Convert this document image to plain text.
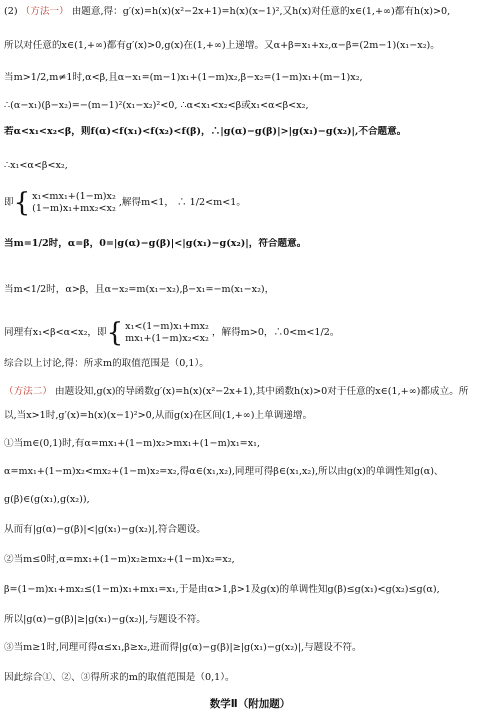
(2) （方法一） 由题意,得：g′(x)=h(x)(x²−2x+1)=h(x)(x−1)²,又h(x)对任意的x∈(1,+∞)都有h(x)>0,
所以对任意的x∈(1,+∞)都有g′(x)>0,g(x)在(1,+∞)上递增。又α+β=x₁+x₂,α−β=(2m−1)(x₁−x₂)。
当m>1/2,m≠1时,α<β,且α−x₁=(m−1)x₁+(1−m)x₂,β−x₂=(1−m)x₁+(m−1)x₂,
∴(α−x₁)(β−x₂)=−(m−1)²(x₁−x₂)²<0, ∴α<x₁<x₂<β或x₁<α<β<x₂,
若α<x₁<x₂<β，则f(α)<f(x₁)<f(x₂)<f(β)，∴|g(α)−g(β)|>|g(x₁)−g(x₂)|,不合题意。
∴x₁<α<β<x₂,
即{ x₁<mx₁+(1−m)x₂
(1−m)x₁+mx₂<x₂ ,解得m<1， ∴ 1/2<m<1。
当m=1/2时，α=β，0=|g(α)−g(β)|<|g(x₁)−g(x₂)|，符合题意。
当m<1/2时，α>β，且α−x₂=m(x₁−x₂),β−x₁=−m(x₁−x₂)，
同理有x₁<β<α<x₂，即{ x₁<(1−m)x₁+mx₂
mx₁+(1−m)x₂<x₂ ，解得m>0，∴0<m<1/2。
综合以上讨论,得：所求m的取值范围是（0,1）。
（方法二） 由题设知,g(x)的导函数g′(x)=h(x)(x²−2x+1),其中函数h(x)>0对于任意的x∈(1,+∞)都成立。所
以,当x>1时,g′(x)=h(x)(x−1)²>0,从而g(x)在区间(1,+∞)上单调递增。
①当m∈(0,1)时,有α=mx₁+(1−m)x₂>mx₁+(1−m)x₁=x₁,
α=mx₁+(1−m)x₂<mx₂+(1−m)x₂=x₂,得α∈(x₁,x₂),同理可得β∈(x₁,x₂),所以由g(x)的单调性知g(α)、
g(β)∈(g(x₁),g(x₂)),
从而有|g(α)−g(β)|<|g(x₁)−g(x₂)|,符合题设。
②当m≤0时,α=mx₁+(1−m)x₂≥mx₂+(1−m)x₂=x₂,
β=(1−m)x₁+mx₂≤(1−m)x₁+mx₁=x₁,于是由α>1,β>1及g(x)的单调性知g(β)≤g(x₁)<g(x₂)≤g(α),
所以|g(α)−g(β)|≥|g(x₁)−g(x₂)|,与题设不符。
③当m≥1时,同理可得α≤x₁,β≥x₂,进而得|g(α)−g(β)|≥|g(x₁)−g(x₂)|,与题设不符。
因此综合①、②、③得所求的m的取值范围是（0,1）。
数学Ⅱ（附加题）
